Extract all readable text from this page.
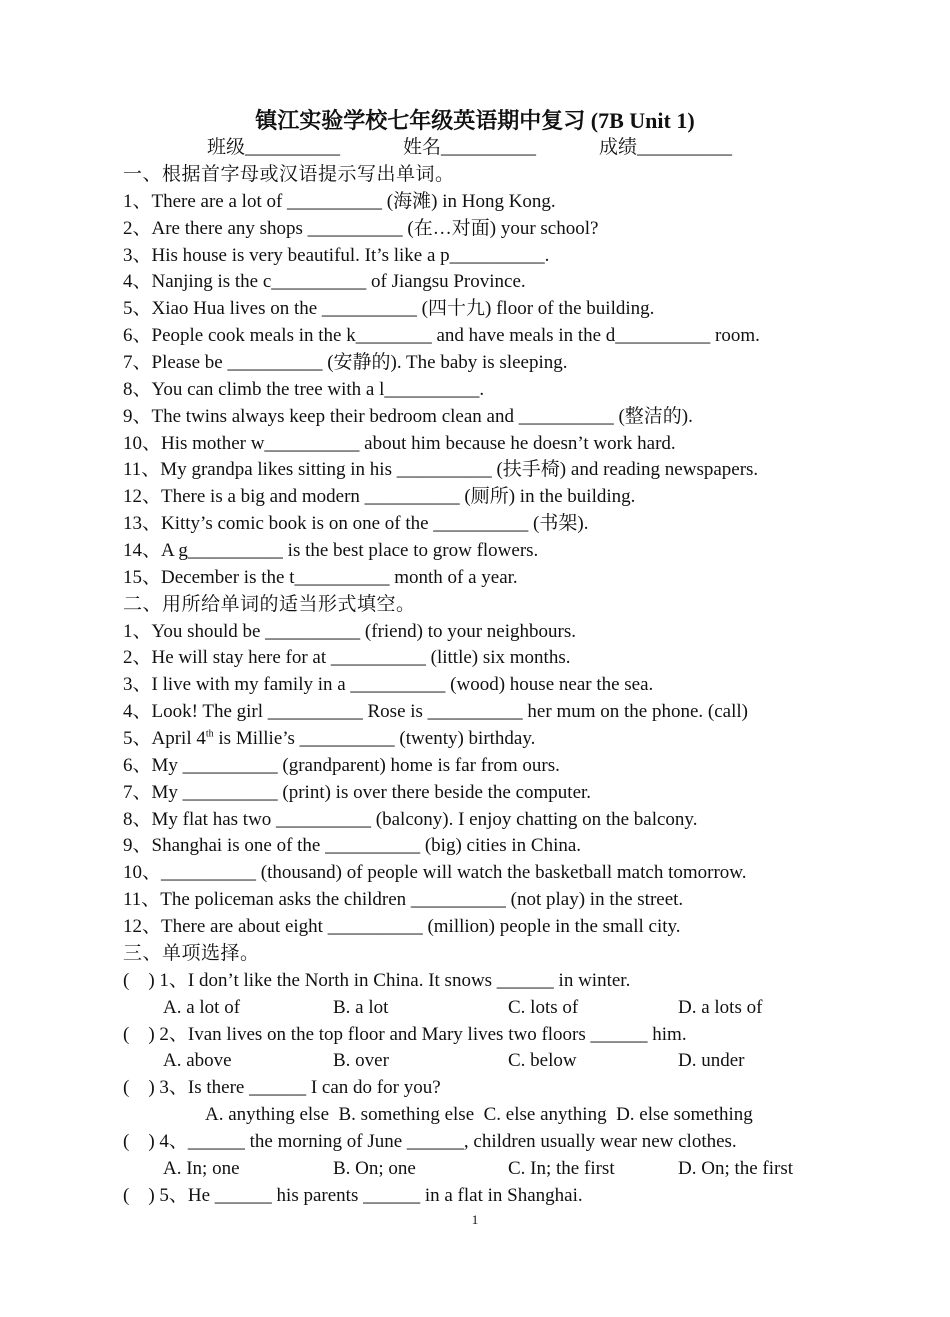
镇江实验学校七年级英语期中复习 (7B Unit 1)
班级__________	姓名__________	成绩__________
一、根据首字母或汉语提示写出单词。
1、There are a lot of __________ (海滩) in Hong Kong.
2、Are there any shops __________ (在…对面) your school?
3、His house is very beautiful. It’s like a p__________.
4、Nanjing is the c__________ of Jiangsu Province.
5、Xiao Hua lives on the __________ (四十九) floor of the building.
6、People cook meals in the k________ and have meals in the d__________ room.
7、Please be __________ (安静的). The baby is sleeping.
8、You can climb the tree with a l__________.
9、The twins always keep their bedroom clean and __________ (整洁的).
10、His mother w__________ about him because he doesn’t work hard.
11、My grandpa likes sitting in his __________ (扶手椅) and reading newspapers.
12、There is a big and modern __________ (厕所) in the building.
13、Kitty’s comic book is on one of the __________ (书架).
14、A g__________ is the best place to grow flowers.
15、December is the t__________ month of a year.
二、用所给单词的适当形式填空。
1、You should be __________ (friend) to your neighbours.
2、He will stay here for at __________ (little) six months.
3、I live with my family in a __________ (wood) house near the sea.
4、Look! The girl __________ Rose is __________ her mum on the phone. (call)
5、April 4th is Millie’s __________ (twenty) birthday.
6、My __________ (grandparent) home is far from ours.
7、My __________ (print) is over there beside the computer.
8、My flat has two __________ (balcony). I enjoy chatting on the balcony.
9、Shanghai is one of the __________ (big) cities in China.
10、__________ (thousand) of people will watch the basketball match tomorrow.
11、The policeman asks the children __________ (not play) in the street.
12、There are about eight __________ (million) people in the small city.
三、单项选择。
(    ) 1、I don’t like the North in China. It snows ______ in winter.

A. a lot of

	B. a lot

	C. lots of

	D. a lots of

(    ) 2、Ivan lives on the top floor and Mary lives two floors ______ him.

A. above

	B. over

	C. below

	D. under

(    ) 3、Is there ______ I can do for you?

A. anything else  B. something else  C. else anything  D. else something

(    ) 4、______ the morning of June ______, children usually wear new clothes.

A. In; one

	B. On; one

	C. In; the first

	D. On; the first

(    ) 5、He ______ his parents ______ in a flat in Shanghai.
1
